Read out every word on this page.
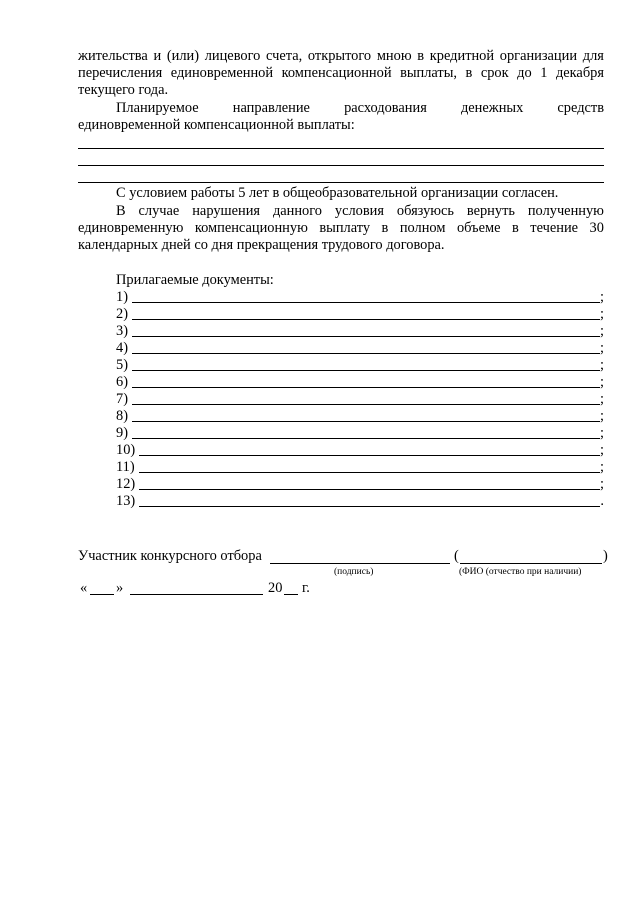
жительства и (или) лицевого счета, открытого мною в кредитной организации для
перечисления единовременной компенсационной выплаты, в срок до 1 декабря
текущего года.
Планируемое направление расходования денежных средств
единовременной компенсационной выплаты:
С условием работы 5 лет в общеобразовательной организации согласен.
В случае нарушения данного условия обязуюсь вернуть полученную
единовременную компенсационную выплату в полном объеме в течение 30
календарных дней со дня прекращения трудового договора.
Прилагаемые документы:
1)	;
2)	;
3)	;
4)	;
5)	;
6)	;
7)	;
8)	;
9)	;
10)	;
11)	;
12)	;
13)	.
Участник конкурсного отбора	(	)
(подпись)	(ФИО (отчество при наличии)
« »	20 г.
